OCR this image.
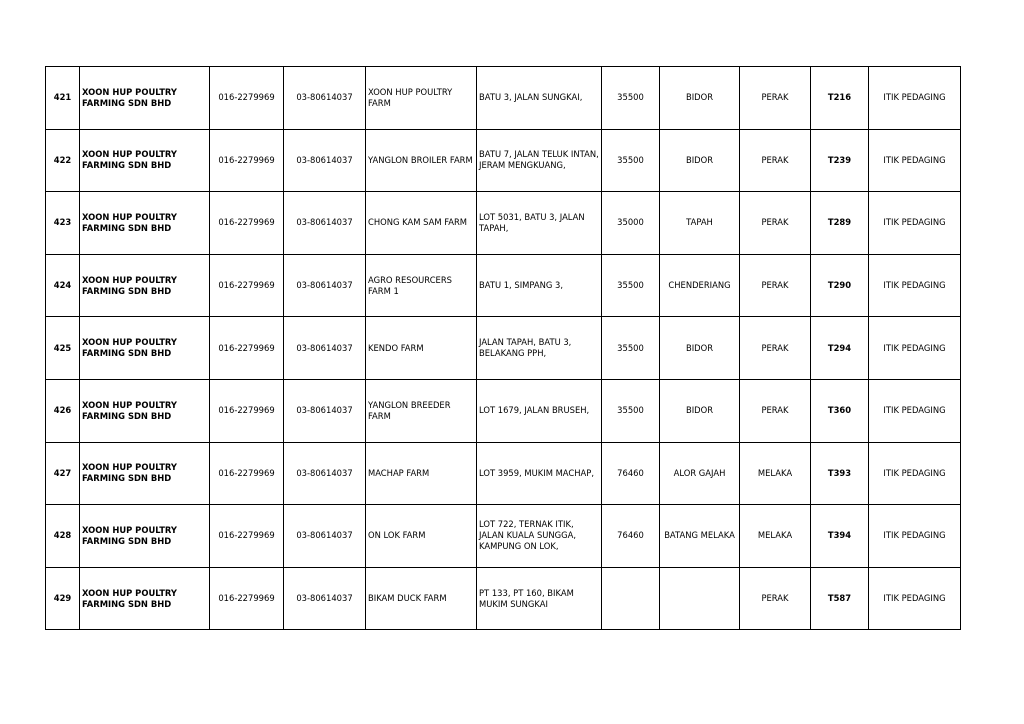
421	XOON HUP POULTRY FARMING SDN BHD	016-2279969	03-80614037	XOON HUP POULTRY FARM	BATU 3, JALAN SUNGKAI,	35500	BIDOR	PERAK	T216	ITIK PEDAGING
422	XOON HUP POULTRY FARMING SDN BHD	016-2279969	03-80614037	YANGLON BROILER FARM	BATU 7, JALAN TELUK INTAN, JERAM MENGKUANG,	35500	BIDOR	PERAK	T239	ITIK PEDAGING
423	XOON HUP POULTRY FARMING SDN BHD	016-2279969	03-80614037	CHONG KAM SAM FARM	LOT 5031, BATU 3, JALAN TAPAH,	35000	TAPAH	PERAK	T289	ITIK PEDAGING
424	XOON HUP POULTRY FARMING SDN BHD	016-2279969	03-80614037	AGRO RESOURCERS FARM 1	BATU 1, SIMPANG 3,	35500	CHENDERIANG	PERAK	T290	ITIK PEDAGING
425	XOON HUP POULTRY FARMING SDN BHD	016-2279969	03-80614037	KENDO FARM	JALAN TAPAH, BATU 3, BELAKANG PPH,	35500	BIDOR	PERAK	T294	ITIK PEDAGING
426	XOON HUP POULTRY FARMING SDN BHD	016-2279969	03-80614037	YANGLON BREEDER FARM	LOT 1679, JALAN BRUSEH,	35500	BIDOR	PERAK	T360	ITIK PEDAGING
427	XOON HUP POULTRY FARMING SDN BHD	016-2279969	03-80614037	MACHAP FARM	LOT 3959, MUKIM MACHAP,	76460	ALOR GAJAH	MELAKA	T393	ITIK PEDAGING
428	XOON HUP POULTRY FARMING SDN BHD	016-2279969	03-80614037	ON LOK FARM	LOT 722, TERNAK ITIK, JALAN KUALA SUNGGA, KAMPUNG ON LOK,	76460	BATANG MELAKA	MELAKA	T394	ITIK PEDAGING
429	XOON HUP POULTRY FARMING SDN BHD	016-2279969	03-80614037	BIKAM DUCK FARM	PT 133, PT 160, BIKAM MUKIM SUNGKAI			PERAK	T587	ITIK PEDAGING
